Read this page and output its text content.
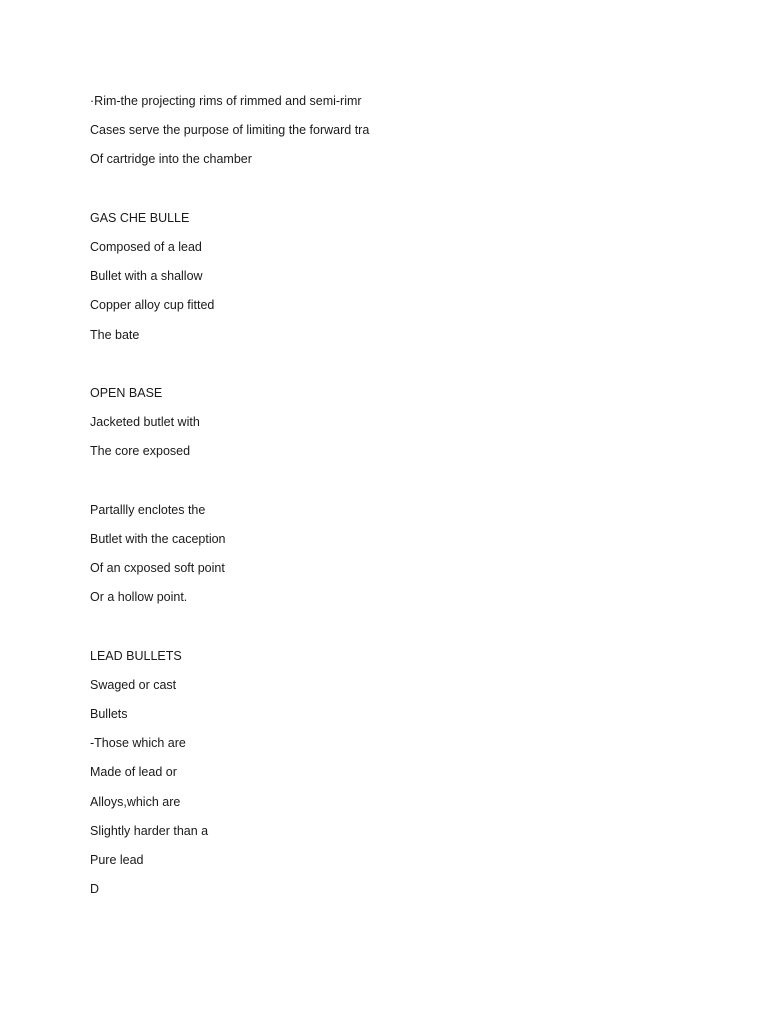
·Rim-the projecting rims of rimmed and semi-rimr
Cases serve the purpose of limiting the forward tra
Of cartridge into the chamber
GAS CHE BULLE
Composed of a lead
Bullet with a shallow
Copper alloy cup fitted
The bate
OPEN BASE
Jacketed butlet with
The core exposed
Partallly enclotes the
Butlet with the caception
Of an cxposed soft point
Or a hollow point.
LEAD BULLETS
Swaged or cast
Bullets
-Those which are
Made of lead or
Alloys,which are
Slightly harder than a
Pure lead
D
